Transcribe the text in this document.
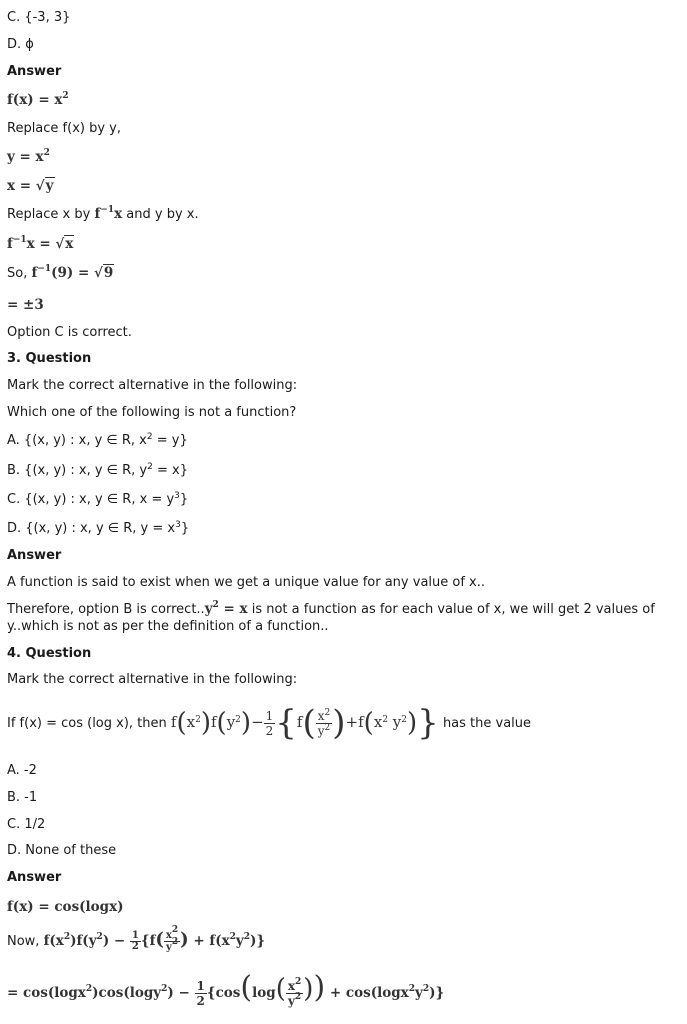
C. {-3, 3}
D. ϕ
Answer
$f(x) = x^2$
Replace f(x) by y,
$y = x^2$
x = √y
Replace x by $f^{-1}x$ and y by x.
$f^{-1}x = √x$
So, $f^{-1}(9) = √9$
= ±3
Option C is correct.
3. Question
Mark the correct alternative in the following:
Which one of the following is not a function?
A. {(x, y) : x, y ∈ R, $x^2 = y$}
B. {(x, y) : x, y ∈ R, $y^2 = x$}
C. {(x, y) : x, y ∈ R, $x = y^3$}
D. {(x, y) : x, y ∈ R, $y = x^3$}
Answer
A function is said to exist when we get a unique value for any value of x..
Therefore, option B is $correct..y^2 = x$ is not a function as for each value of x, we will get 2 values of y..which is not as per the definition of a function..
4. Question
Mark the correct alternative in the following:
If f(x) = cos (log x), then $f(x^2)f(y^2)- \frac{1}{2} \{f( \frac{x^2}{y^2} )+f(x^2$ $y^2$)} has the value
A. -2
B. -1
C. 1/2
D. None of these
Answer
f(x) = cos(logx)
Now, $f(x^2)f(y^2) - \frac{1}{2} \{f( \frac{x^2}{y^2}$ ) + $f(x^2y^2)$}
= $\cos(\log x^2)\cos(\log y^2) - \frac{1}{2} \{\cos(\log( \frac{x^2}{y^2}$ )) + $\cos(\log x^2y^2)$}
